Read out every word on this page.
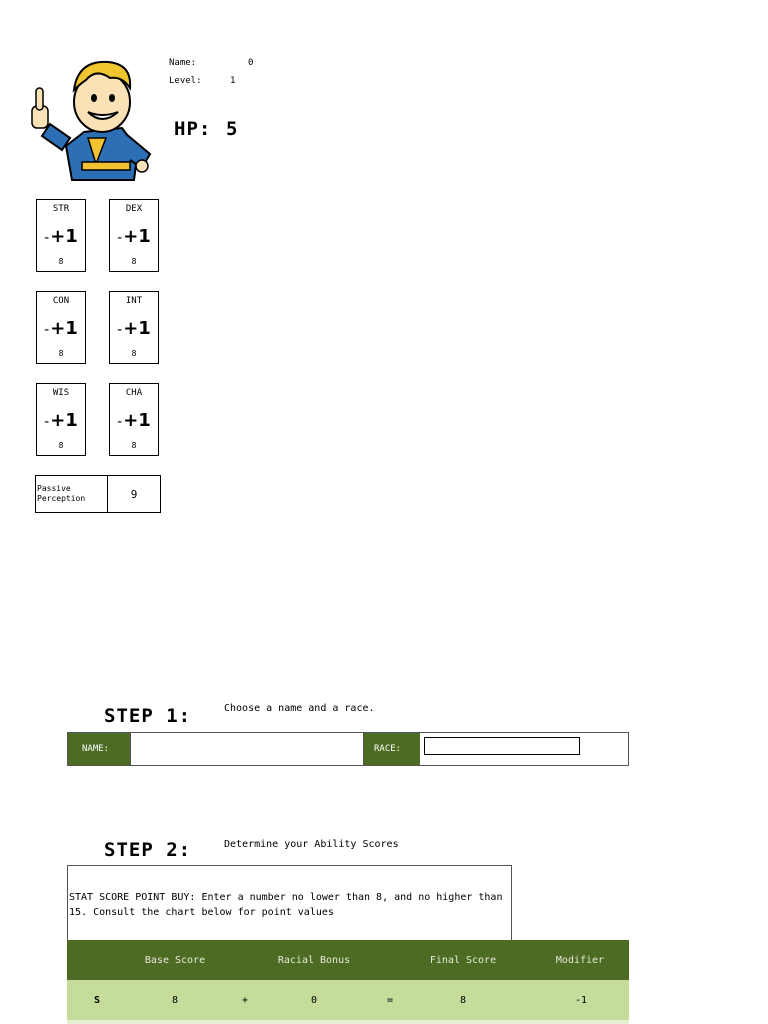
Name:	0
Level:	1
HP: 5
STR
-+1
8
DEX
-+1
8
CON
-+1
8
INT
-+1
8
WIS
-+1
8
CHA
-+1
8
Passive
Perception	9
STEP 1:	Choose a name and a race.
NAME:	RACE:
STEP 2:	Determine your Ability Scores
STAT SCORE POINT BUY: Enter a number no lower than 8, and no higher than 15. Consult the chart below for point values
Base Score	Racial Bonus	Final Score	Modifier
S	8	+	0	=	8	-1
